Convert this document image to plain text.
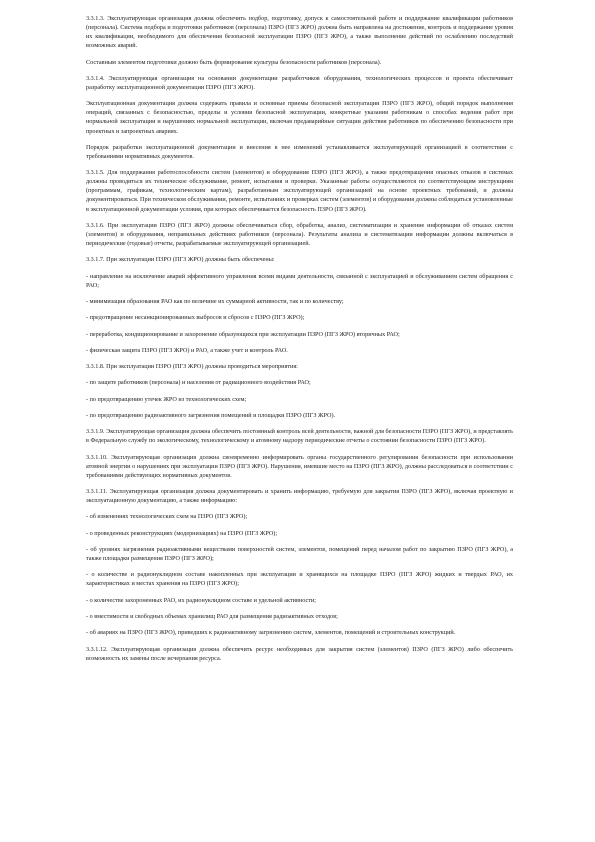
3.3.1.3. Эксплуатирующая организация должна обеспечить подбор, подготовку, допуск к самостоятельной работе и поддержание квалификации работников (персонала). Система подбора и подготовки работников (персонала) ПЗРО (ПГЗ ЖРО) должна быть направлена на достижение, контроль и поддержание уровня их квалификации, необходимого для обеспечения безопасной эксплуатации ПЗРО (ПГЗ ЖРО), а также выполнение действий по ослаблению последствий возможных аварий.

Составным элементом подготовки должно быть формирование культуры безопасности работников (персонала).

3.3.1.4. Эксплуатирующая организация на основании документации разработчиков оборудования, технологических процессов и проекта обеспечивает разработку эксплуатационной документации ПЗРО (ПГЗ ЖРО).

Эксплуатационная документация должна содержать правила и основные приемы безопасной эксплуатации ПЗРО (ПГЗ ЖРО), общий порядок выполнения операций, связанных с безопасностью, пределы и условия безопасной эксплуатации, конкретные указания работникам о способах ведения работ при нормальной эксплуатации и нарушениях нормальной эксплуатации, включая предаварийные ситуации действия работников по обеспечению безопасности при проектных и запроектных авариях.

Порядок разработки эксплуатационной документации и внесения в нее изменений устанавливается эксплуатирующей организацией в соответствии с требованиями нормативных документов.

3.3.1.5. Для поддержания работоспособности систем (элементов) и оборудования ПЗРО (ПГЗ ЖРО), а также предотвращения опасных отказов в системах должны проводиться их техническое обслуживание, ремонт, испытания и проверки. Указанные работы осуществляются по соответствующим инструкциям (программам, графикам, технологическим картам), разработанным эксплуатирующей организацией на основе проектных требований, и должны документироваться. При техническом обслуживании, ремонте, испытаниях и проверках систем (элементов) и оборудования должны соблюдаться установленные в эксплуатационной документации условия, при которых обеспечивается безопасность ПЗРО (ПГЗ ЖРО).

3.3.1.6. При эксплуатации ПЗРО (ПГЗ ЖРО) должны обеспечиваться сбор, обработка, анализ, систематизация и хранение информации об отказах систем (элементов) и оборудования, неправильных действиях работников (персонала). Результаты анализа и систематизации информации должны включаться в периодические (годовые) отчеты, разрабатываемые эксплуатирующей организацией.

3.3.1.7. При эксплуатации ПЗРО (ПГЗ ЖРО) должны быть обеспечены:

- направление на исключение аварий эффективного управления всеми видами деятельности, связанной с эксплуатацией и обслуживанием систем обращения с РАО;

- минимизация образования РАО как по величине их суммарной активности, так и по количеству;

- предотвращение несанкционированных выбросов и сбросов с ПЗРО (ПГЗ ЖРО);

- переработка, кондиционирование и захоронение образующихся при эксплуатации ПЗРО (ПГЗ ЖРО) вторичных РАО;

- физическая защита ПЗРО (ПГЗ ЖРО) и РАО, а также учет и контроль РАО.

3.3.1.8. При эксплуатации ПЗРО (ПГЗ ЖРО) должны проводиться мероприятия:

- по защите работников (персонала) и населения от радиационного воздействия РАО;

- по предотвращению утечек ЖРО из технологических схем;

- по предотвращению радиоактивного загрязнения помещений и площадки ПЗРО (ПГЗ ЖРО).

3.3.1.9. Эксплуатирующая организация должна обеспечить постоянный контроль всей деятельности, важной для безопасности ПЗРО (ПГЗ ЖРО), и представлять в Федеральную службу по экологическому, технологическому и атомному надзору периодические отчеты о состоянии безопасности ПЗРО (ПГЗ ЖРО).

3.3.1.10. Эксплуатирующая организация должна своевременно информировать органы государственного регулирования безопасности при использовании атомной энергии о нарушениях при эксплуатации ПЗРО (ПГЗ ЖРО). Нарушения, имевшие место на ПЗРО (ПГЗ ЖРО), должны расследоваться в соответствии с требованиями действующих нормативных документов.

3.3.1.11. Эксплуатирующая организация должна документировать и хранить информацию, требуемую для закрытия ПЗРО (ПГЗ ЖРО), включая проектную и эксплуатационную документацию, а также информацию:

- об изменениях технологических схем на ПЗРО (ПГЗ ЖРО);

- о проведенных реконструкциях (модернизациях) на ПЗРО (ПГЗ ЖРО);

- об уровнях загрязнения радиоактивными веществами поверхностей систем, элементов, помещений перед началом работ по закрытию ПЗРО (ПГЗ ЖРО), а также площадки размещения ПЗРО (ПГЗ ЖРО);

- о количестве и радионуклидном составе накопленных при эксплуатации и хранящихся на площадке ПЗРО (ПГЗ ЖРО) жидких и твердых РАО, их характеристиках и местах хранения на ПЗРО (ПГЗ ЖРО);

- о количестве захороненных РАО, их радионуклидном составе и удельной активности;

- о вместимости и свободных объемах хранилищ РАО для размещения радиоактивных отходов;

- об авариях на ПЗРО (ПГЗ ЖРО), приведших к радиоактивному загрязнению систем, элементов, помещений и строительных конструкций.

3.3.1.12. Эксплуатирующая организация должна обеспечить ресурс необходимых для закрытия систем (элементов) ПЗРО (ПГЗ ЖРО) либо обеспечить возможность их замены после исчерпания ресурса.
